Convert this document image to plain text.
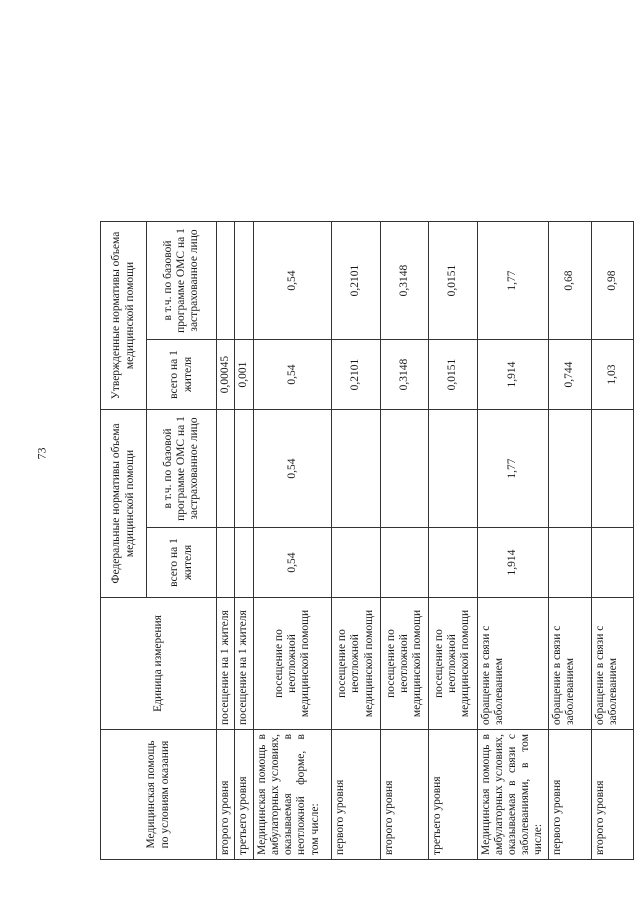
73
Медицинская помощь по условиям оказания	Единица измерения	Федеральные нормативы объема медицинской помощи		Утвержденные нормативы объема медицинской помощи		
		всего на 1 жителя	в т.ч. по базовой программе ОМС на 1 застрахованное лицо	всего на 1 жителя	в т.ч. по базовой программе ОМС на 1 застрахованное лицо	
второго уровня	посещение на 1 жителя			0,00045		
третьего уровня	посещение на 1 жителя			0,001		
Медицинская помощь в амбулаторных условиях, оказываемая в неотложной форме, в том числе:	посещение по неотложной медицинской помощи	0,54	0,54	0,54	0,54	
первого уровня	посещение по неотложной медицинской помощи			0,2101	0,2101	
второго уровня	посещение по неотложной медицинской помощи			0,3148	0,3148	
третьего уровня	посещение по неотложной медицинской помощи			0,0151	0,0151	
Медицинская помощь в амбулаторных условиях, оказываемая в связи с заболеваниями, в том числе:	обращение в связи с заболеванием	1,914	1,77	1,914	1,77	
первого уровня	обращение в связи с заболеванием			0,744	0,68	
второго уровня	обращение в связи с заболеванием			1,03	0,98	
